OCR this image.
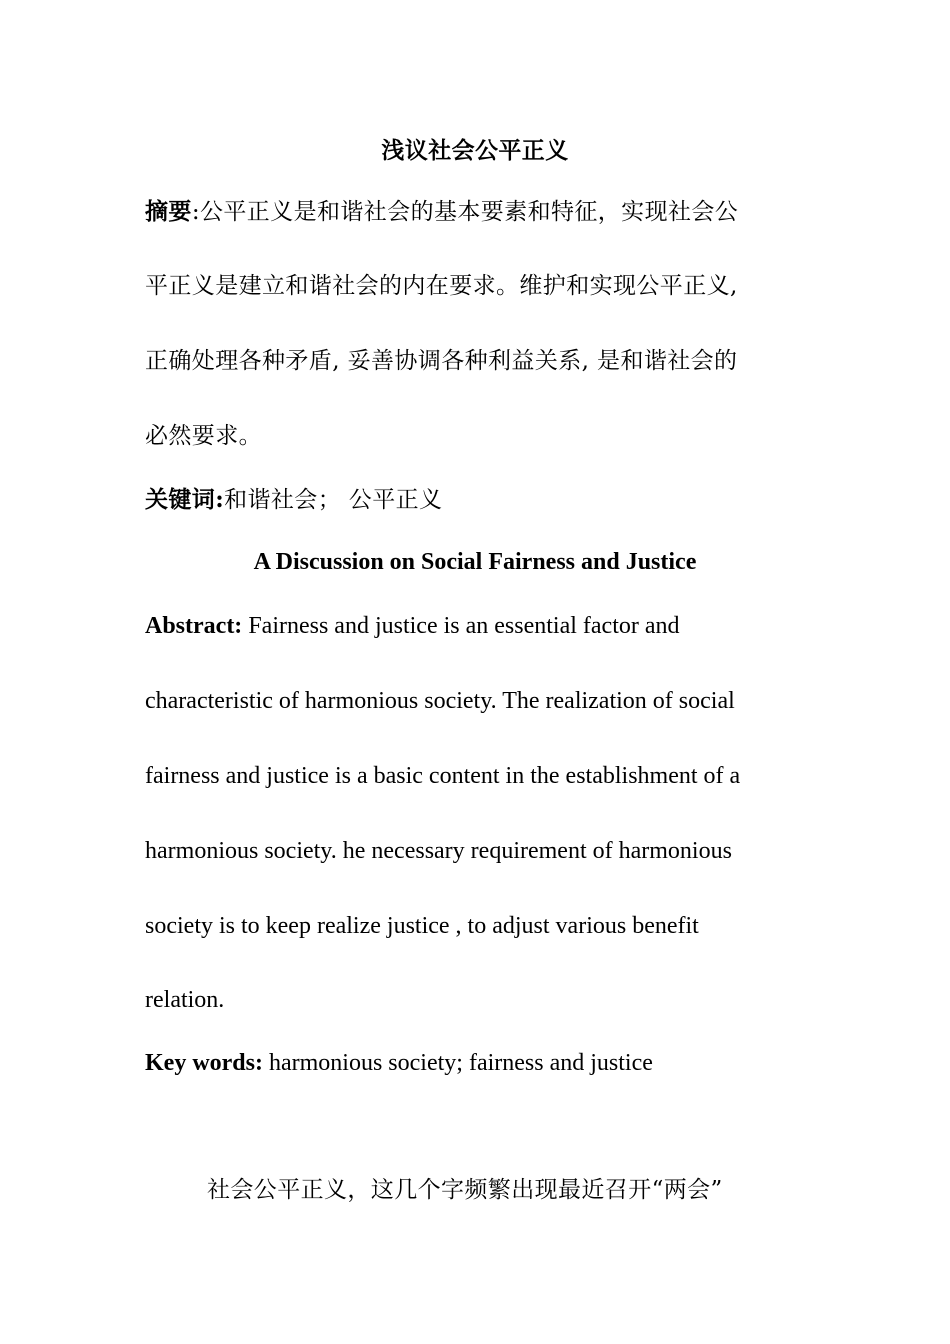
浅议社会公平正义
摘要:公平正义是和谐社会的基本要素和特征，实现社会公
平正义是建立和谐社会的内在要求。维护和实现公平正义,
正确处理各种矛盾, 妥善协调各种利益关系, 是和谐社会的
必然要求。
关键词:和谐社会； 公平正义
A Discussion on Social Fairness and Justice
Abstract: Fairness and justice is an essential factor and
characteristic of harmonious society. The realization of social
fairness and justice is a basic content in the establishment of a
harmonious society. he necessary requirement of harmonious
society is to keep realize justice , to adjust various benefit
relation.
Key words: harmonious society; fairness and justice
社会公平正义，这几个字频繁出现最近召开“两会”
